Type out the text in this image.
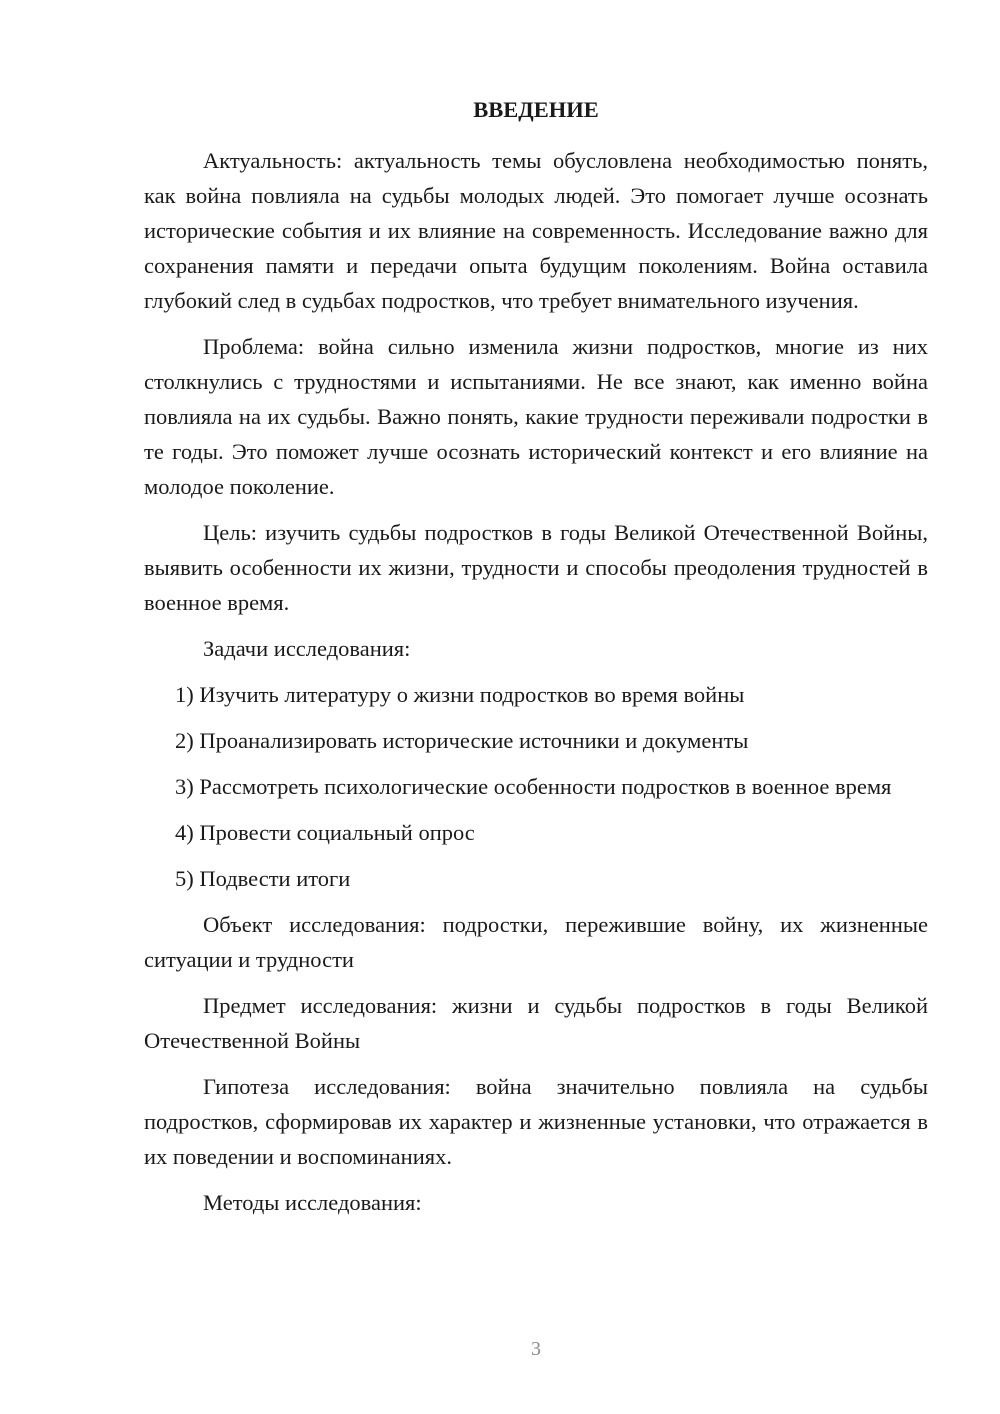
ВВЕДЕНИЕ

Актуальность: актуальность темы обусловлена необходимостью понять, как война повлияла на судьбы молодых людей. Это помогает лучше осознать исторические события и их влияние на современность. Исследование важно для сохранения памяти и передачи опыта будущим поколениям. Война оставила глубокий след в судьбах подростков, что требует внимательного изучения.

Проблема: война сильно изменила жизни подростков, многие из них столкнулись с трудностями и испытаниями. Не все знают, как именно война повлияла на их судьбы. Важно понять, какие трудности переживали подростки в те годы. Это поможет лучше осознать исторический контекст и его влияние на молодое поколение.

Цель: изучить судьбы подростков в годы Великой Отечественной Войны, выявить особенности их жизни, трудности и способы преодоления трудностей в военное время.

Задачи исследования:

1) Изучить литературу о жизни подростков во время войны

2) Проанализировать исторические источники и документы

3) Рассмотреть психологические особенности подростков в военное время

4) Провести социальный опрос

5) Подвести итоги

Объект исследования: подростки, пережившие войну, их жизненные ситуации и трудности

Предмет исследования: жизни и судьбы подростков в годы Великой Отечественной Войны

Гипотеза исследования: война значительно повлияла на судьбы подростков, сформировав их характер и жизненные установки, что отражается в их поведении и воспоминаниях.

Методы исследования:

3
